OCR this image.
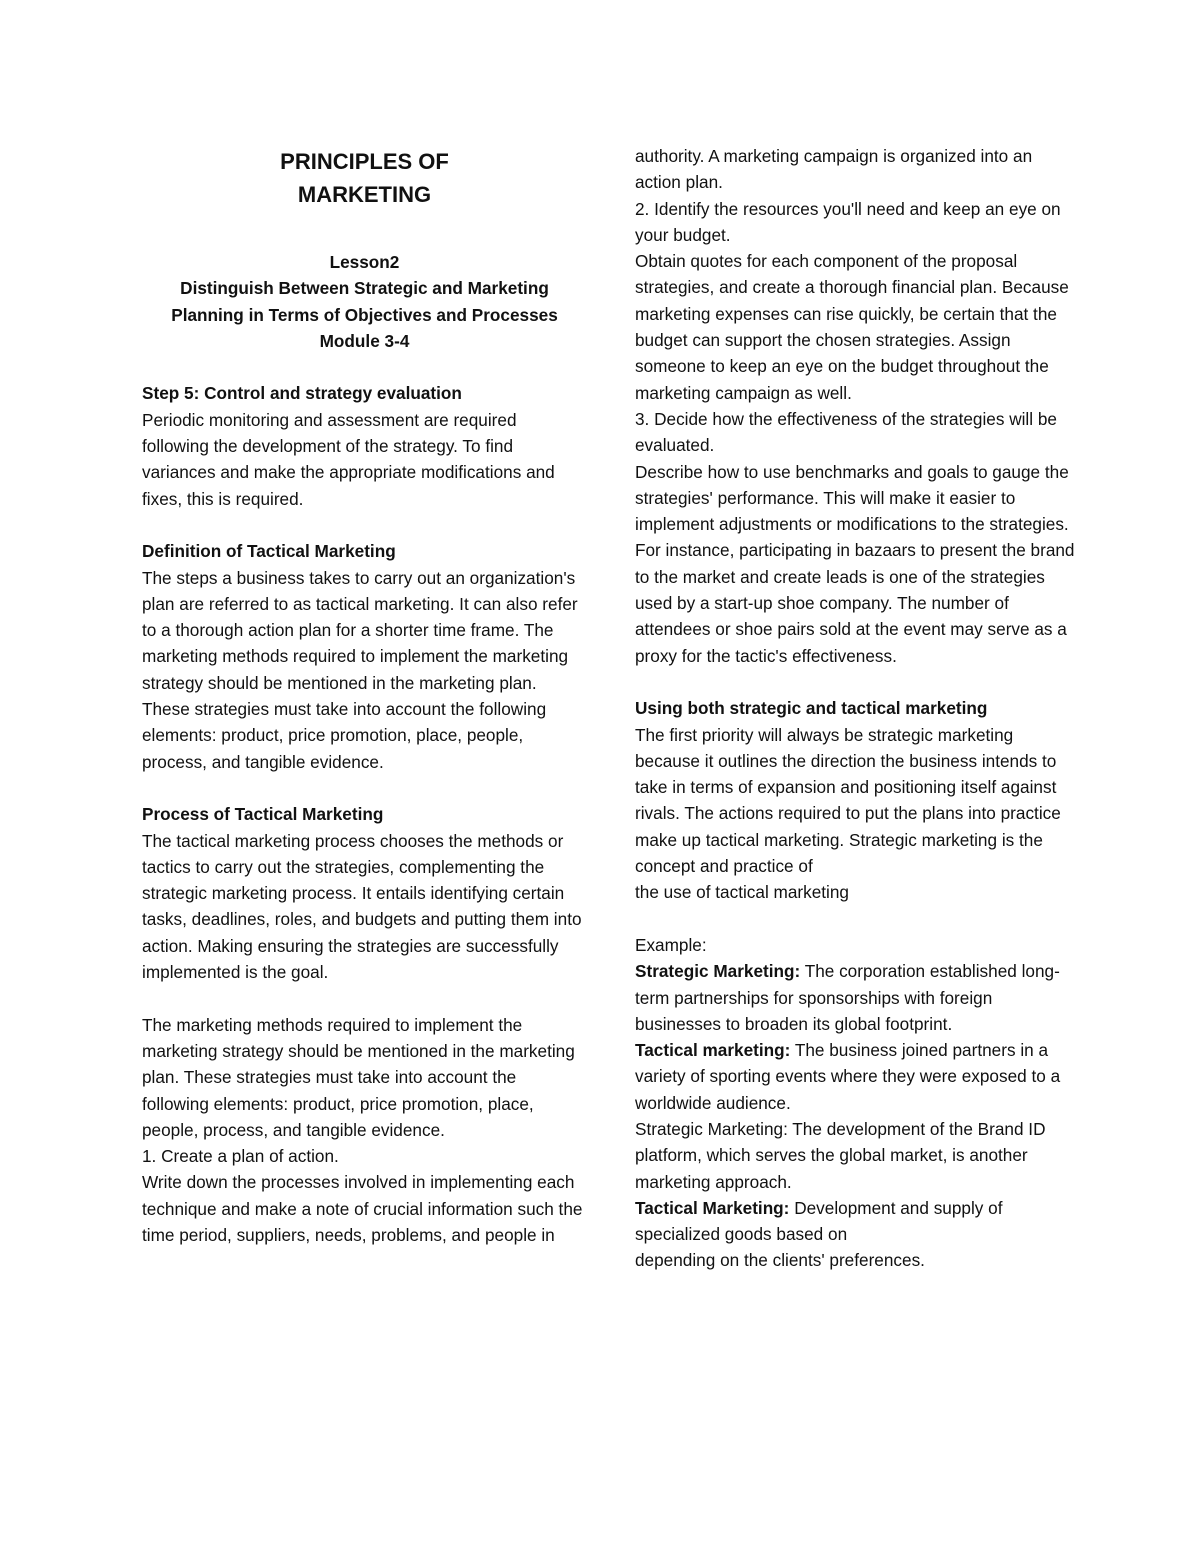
PRINCIPLES OF

MARKETING

Lesson2

Distinguish Between Strategic and Marketing Planning in Terms of Objectives and Processes

Module 3-4

Step 5: Control and strategy evaluation

Periodic monitoring and assessment are required following the development of the strategy. To find variances and make the appropriate modifications and fixes, this is required.

Definition of Tactical Marketing

The steps a business takes to carry out an organization's plan are referred to as tactical marketing. It can also refer to a thorough action plan for a shorter time frame. The marketing methods required to implement the marketing strategy should be mentioned in the marketing plan. These strategies must take into account the following elements: product, price promotion, place, people, process, and tangible evidence.

Process of Tactical Marketing

The tactical marketing process chooses the methods or tactics to carry out the strategies, complementing the strategic marketing process. It entails identifying certain tasks, deadlines, roles, and budgets and putting them into action. Making ensuring the strategies are successfully implemented is the goal.

The marketing methods required to implement the marketing strategy should be mentioned in the marketing plan. These strategies must take into account the following elements: product, price promotion, place, people, process, and tangible evidence.

1. Create a plan of action.

Write down the processes involved in implementing each technique and make a note of crucial information such the time period, suppliers, needs, problems, and people in

authority. A marketing campaign is organized into an action plan.

2. Identify the resources you'll need and keep an eye on your budget.

Obtain quotes for each component of the proposal strategies, and create a thorough financial plan. Because marketing expenses can rise quickly, be certain that the budget can support the chosen strategies. Assign someone to keep an eye on the budget throughout the marketing campaign as well.

3. Decide how the effectiveness of the strategies will be evaluated.

Describe how to use benchmarks and goals to gauge the strategies' performance. This will make it easier to implement adjustments or modifications to the strategies. For instance, participating in bazaars to present the brand to the market and create leads is one of the strategies used by a start-up shoe company. The number of attendees or shoe pairs sold at the event may serve as a proxy for the tactic's effectiveness.

Using both strategic and tactical marketing

The first priority will always be strategic marketing because it outlines the direction the business intends to take in terms of expansion and positioning itself against rivals. The actions required to put the plans into practice make up tactical marketing. Strategic marketing is the concept and practice of

the use of tactical marketing

Example:

Strategic Marketing: The corporation established long-term partnerships for sponsorships with foreign businesses to broaden its global footprint.

Tactical marketing: The business joined partners in a variety of sporting events where they were exposed to a worldwide audience.

Strategic Marketing: The development of the Brand ID platform, which serves the global market, is another marketing approach.

Tactical Marketing: Development and supply of specialized goods based on

depending on the clients' preferences.
